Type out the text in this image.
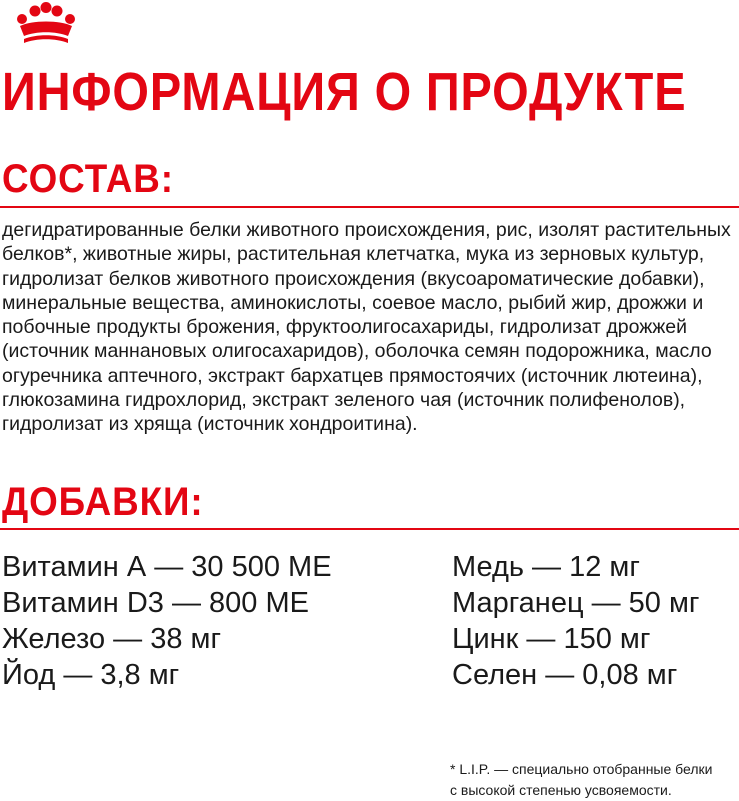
ИНФОРМАЦИЯ О ПРОДУКТЕ
СОСТАВ:

дегидратированные белки животного происхождения, рис, изолят растительных белков*, животные жиры, растительная клетчатка, мука из зерновых культур, гидролизат белков животного происхождения (вкусоароматические добавки), минеральные вещества, аминокислоты, соевое масло, рыбий жир, дрожжи и побочные продукты брожения, фруктоолигосахариды, гидролизат дрожжей (источник маннановых олигосахаридов), оболочка семян подорожника, масло огуречника аптечного, экстракт бархатцев прямостоячих (источник лютеина), глюкозамина гидрохлорид, экстракт зеленого чая (источник полифенолов), гидролизат из хряща (источник хондроитина).

ДОБАВКИ:
Витамин А — 30 500 МЕ
Витамин D3 — 800 МЕ
Железо — 38 мг
Йод — 3,8 мг
Медь — 12 мг
Марганец — 50 мг
Цинк — 150 мг
Селен — 0,08 мг

* L.I.P. — специально отобранные белки
с высокой степенью усвояемости.
